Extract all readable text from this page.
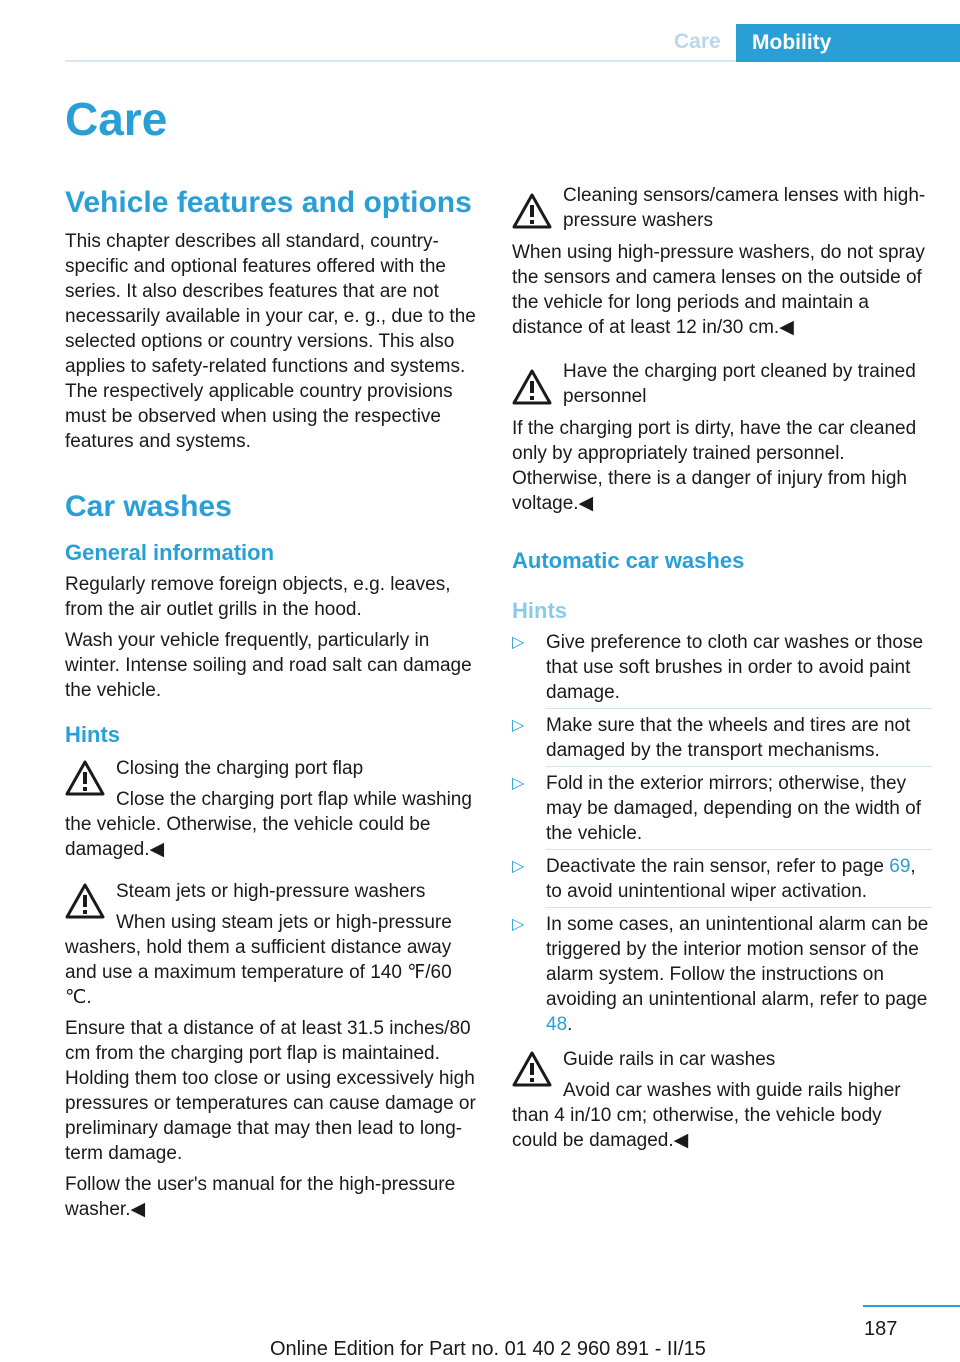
Care	Mobility
Care
Vehicle features and options

This chapter describes all standard, country-specific and optional features offered with the series. It also describes features that are not necessarily available in your car, e. g., due to the selected options or country versions. This also applies to safety-related functions and systems. The respectively applicable country provisions must be observed when using the respective features and systems.

Car washes
General information

Regularly remove foreign objects, e.g. leaves, from the air outlet grills in the hood.

Wash your vehicle frequently, particularly in winter. Intense soiling and road salt can damage the vehicle.

Hints
Closing the charging port flap
Close the charging port flap while washing the vehicle. Otherwise, the vehicle could be damaged.◀
Steam jets or high-pressure washers
When using steam jets or high-pressure washers, hold them a sufficient distance away and use a maximum temperature of 140 ℉/60 ℃.

Ensure that a distance of at least 31.5 inches/80 cm from the charging port flap is maintained. Holding them too close or using excessively high pressures or temperatures can cause damage or preliminary damage that may then lead to long-term damage.

Follow the user's manual for the high-pressure washer.◀

Cleaning sensors/camera lenses with high-pressure washers
When using high-pressure washers, do not spray the sensors and camera lenses on the outside of the vehicle for long periods and maintain a distance of at least 12 in/30 cm.◀
Have the charging port cleaned by trained personnel
If the charging port is dirty, have the car cleaned only by appropriately trained personnel. Otherwise, there is a danger of injury from high voltage.◀
Automatic car washes
Hints
▷ Give preference to cloth car washes or those that use soft brushes in order to avoid paint damage.
▷ Make sure that the wheels and tires are not damaged by the transport mechanisms.
▷ Fold in the exterior mirrors; otherwise, they may be damaged, depending on the width of the vehicle.
▷ Deactivate the rain sensor, refer to page 69, to avoid unintentional wiper activation.
▷ In some cases, an unintentional alarm can be triggered by the interior motion sensor of the alarm system. Follow the instructions on avoiding an unintentional alarm, refer to page 48.
Guide rails in car washes
Avoid car washes with guide rails higher than 4 in/10 cm; otherwise, the vehicle body could be damaged.◀
187
Online Edition for Part no. 01 40 2 960 891 - II/15
